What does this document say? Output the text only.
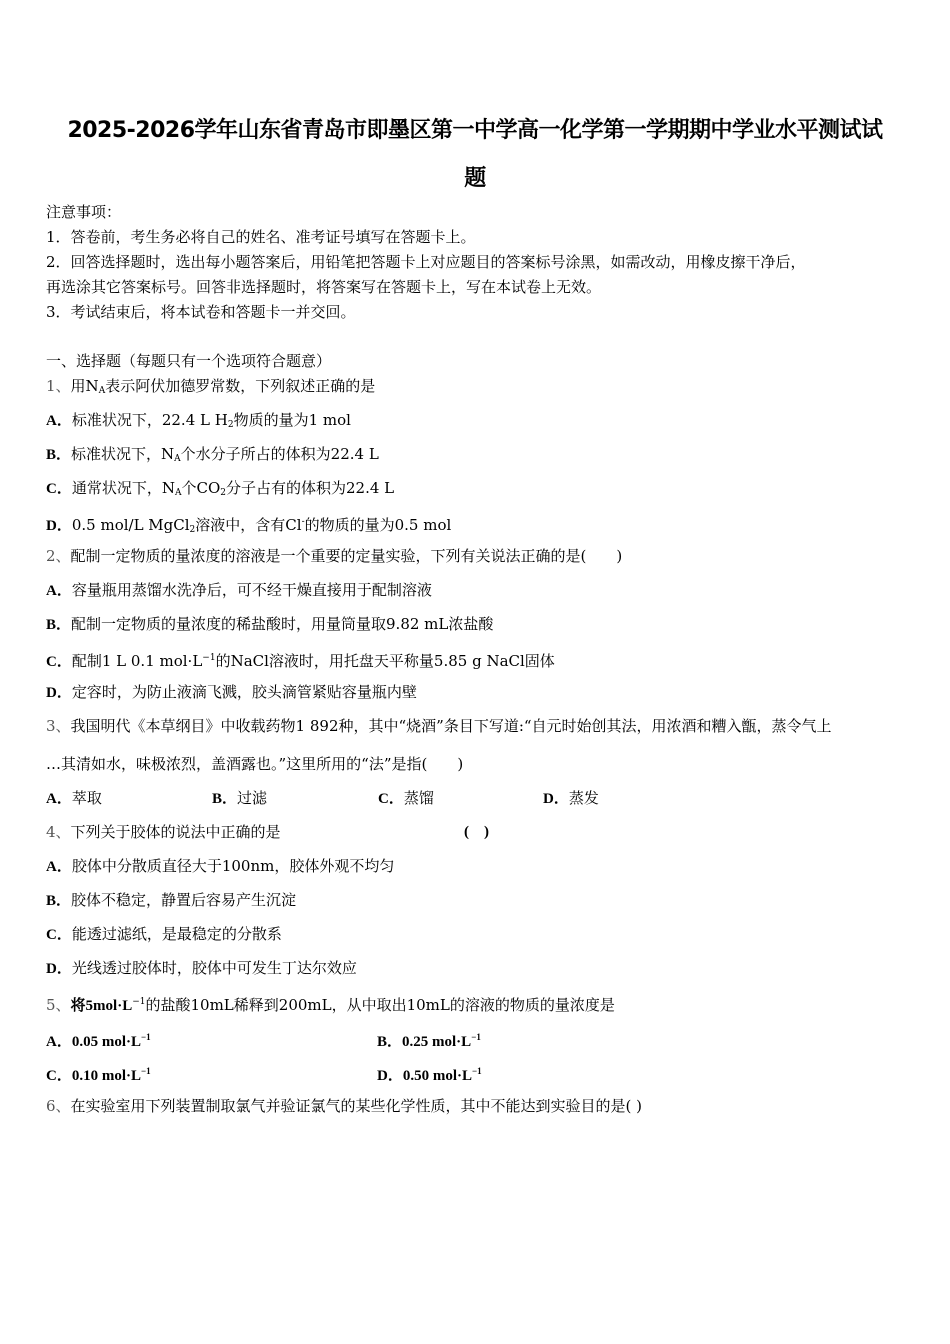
2025-2026学年山东省青岛市即墨区第一中学高一化学第一学期期中学业水平测试试
题
注意事项：
1．答卷前，考生务必将自己的姓名、准考证号填写在答题卡上。
2．回答选择题时，选出每小题答案后，用铅笔把答题卡上对应题目的答案标号涂黑，如需改动，用橡皮擦干净后，
再选涂其它答案标号。回答非选择题时，将答案写在答题卡上，写在本试卷上无效。
3．考试结束后，将本试卷和答题卡一并交回。
一、选择题（每题只有一个选项符合题意）
1、用$N_A$表示阿伏加德罗常数，下列叙述正确的是
A．标准状况下，22.4 L $H_2$物质的量为1 mol
B．标准状况下，$N_A$个水分子所占的体积为22.4 L
C．通常状况下，$N_A$个$CO_2$分子占有的体积为22.4 L
D．0.5 mol/L MgCl$_2$溶液中，含有Cl-的物质的量为0.5 mol
2、配制一定物质的量浓度的溶液是一个重要的定量实验，下列有关说法正确的是(　　)
A．容量瓶用蒸馏水洗净后，可不经干燥直接用于配制溶液
B．配制一定物质的量浓度的稀盐酸时，用量筒量取9.82 mL浓盐酸
C．配制1 L 0.1 $mol\cdot L^{-1}$的NaCl溶液时，用托盘天平称量5.85 g NaCl固体
D．定容时，为防止液滴飞溅，胶头滴管紧贴容量瓶内壁
3、我国明代《本草纲目》中收载药物1 892种，其中“烧酒”条目下写道:“自元时始创其法，用浓酒和糟入甑，蒸令气上
…其清如水，味极浓烈，盖酒露也。”这里所用的“法”是指(　　)
A．萃取	B．过滤	C．蒸馏	D．蒸发
4、下列关于胶体的说法中正确的是	(　)
A．胶体中分散质直径大于100nm，胶体外观不均匀
B．胶体不稳定，静置后容易产生沉淀
C．能透过滤纸，是最稳定的分散系
D．光线透过胶体时，胶体中可发生丁达尔效应
5、将$5mol\cdot L^{-1}$的盐酸10mL稀释到200mL，从中取出10mL的溶液的物质的量浓度是
A．0.05 $mol\cdot L^{-1}$	B．0.25 $mol\cdot L^{-1}$
C．0.10 $mol\cdot L^{-1}$	D．0.50 $mol\cdot L^{-1}$
6、在实验室用下列装置制取氯气并验证氯气的某些化学性质，其中不能达到实验目的是( )
